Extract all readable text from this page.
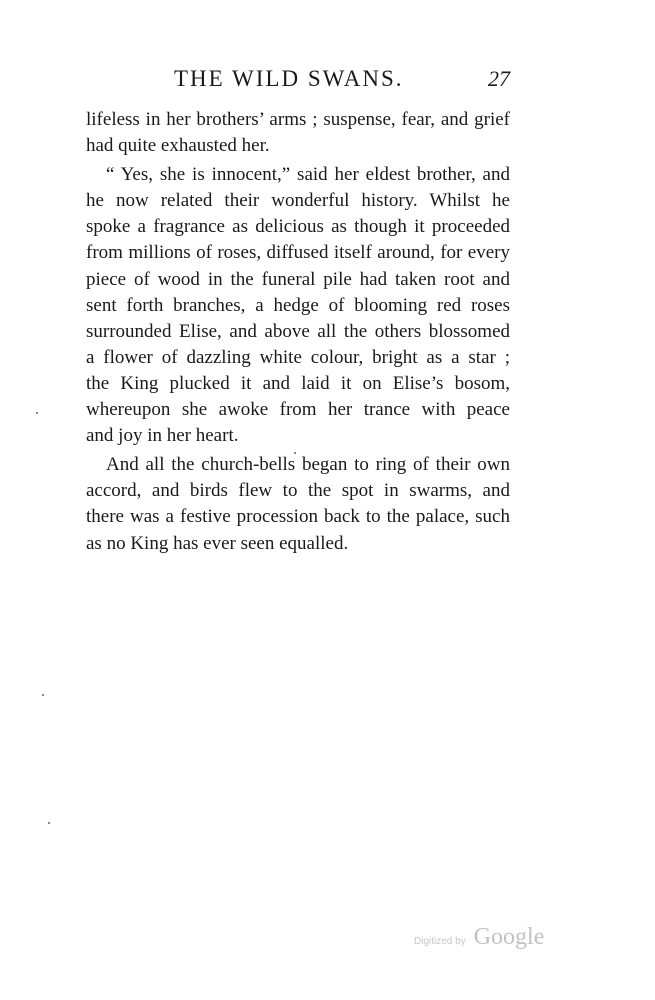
THE WILD SWANS.	27
lifeless in her brothers’ arms ; suspense, fear, and grief
had quite exhausted her.
“ Yes, she is innocent,” said her eldest brother, and
he now related their wonderful history. Whilst he
spoke a fragrance as delicious as though it proceeded
from millions of roses, diffused itself around, for every
piece of wood in the funeral pile had taken root and
sent forth branches, a hedge of blooming red roses
surrounded Elise, and above all the others blossomed
a flower of dazzling white colour, bright as a star ;
the King plucked it and laid it on Elise’s bosom,
whereupon she awoke from her trance with peace
and joy in her heart.
And all the church-bells began to ring of their own
accord, and birds flew to the spot in swarms, and
there was a festive procession back to the palace, such
as no King has ever seen equalled.
Digitized by Google
